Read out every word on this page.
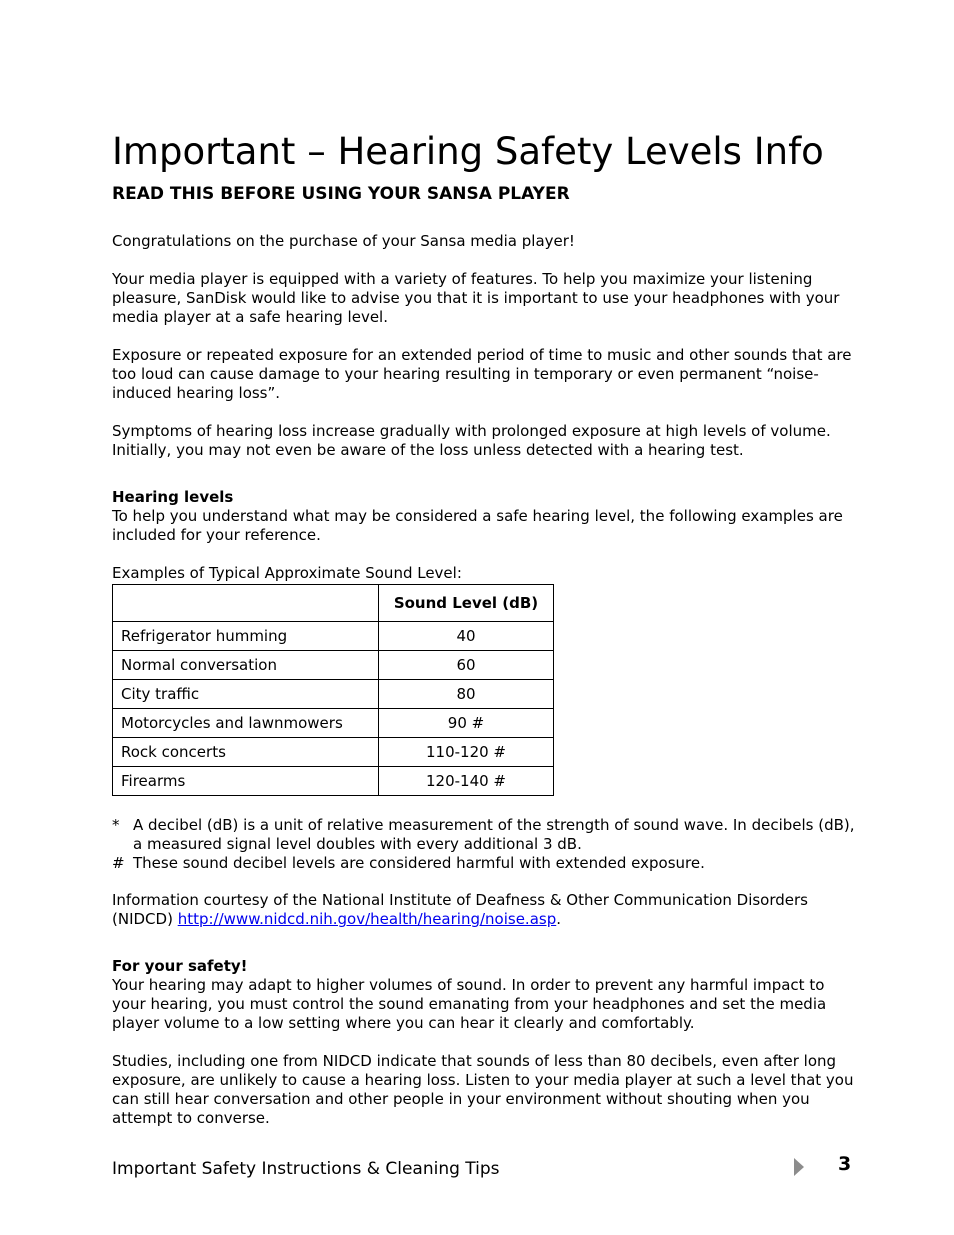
Important – Hearing Safety Levels Info
READ THIS BEFORE USING YOUR SANSA PLAYER

Congratulations on the purchase of your Sansa media player!

Your media player is equipped with a variety of features. To help you maximize your listening pleasure, SanDisk would like to advise you that it is important to use your headphones with your media player at a safe hearing level.

Exposure or repeated exposure for an extended period of time to music and other sounds that are too loud can cause damage to your hearing resulting in temporary or even permanent “noise-induced hearing loss”.

Symptoms of hearing loss increase gradually with prolonged exposure at high levels of volume. Initially, you may not even be aware of the loss unless detected with a hearing test.

Hearing levels

To help you understand what may be considered a safe hearing level, the following examples are included for your reference.

Examples of Typical Approximate Sound Level:

	Sound Level (dB)
Refrigerator humming	40
Normal conversation	60
City traffic	80
Motorcycles and lawnmowers	90 #
Rock concerts	110-120 #
Firearms	120-140 #
* A decibel (dB) is a unit of relative measurement of the strength of sound wave. In decibels (dB), a measured signal level doubles with every additional 3 dB.
# These sound decibel levels are considered harmful with extended exposure.

Information courtesy of the National Institute of Deafness & Other Communication Disorders (NIDCD) http://www.nidcd.nih.gov/health/hearing/noise.asp.

For your safety!

Your hearing may adapt to higher volumes of sound. In order to prevent any harmful impact to your hearing, you must control the sound emanating from your headphones and set the media player volume to a low setting where you can hear it clearly and comfortably.

Studies, including one from NIDCD indicate that sounds of less than 80 decibels, even after long exposure, are unlikely to cause a hearing loss. Listen to your media player at such a level that you can still hear conversation and other people in your environment without shouting when you attempt to converse.

Important Safety Instructions & Cleaning Tips	3
